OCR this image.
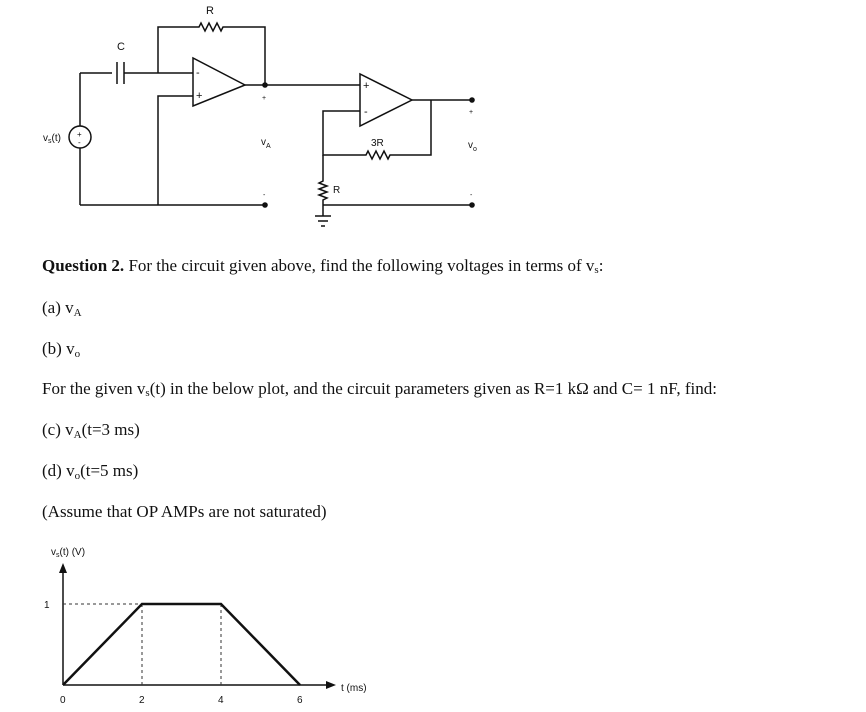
R
C
-
+
+
-
+
-
$v_s(t)$
+
-
$v_A$	3R
R
+
-
$v_o$
Question 2. For the circuit given above, find the following voltages in terms of vs:
(a) vA
(b) vo
For the given vs(t) in the below plot, and the circuit parameters given as R=1 kΩ and C= 1 nF, find:
(c) vA(t=3 ms)
(d) vo(t=5 ms)
(Assume that OP AMPs are not saturated)
0	2	4	6
1
$v_s(t)$ (V)
t (ms)
